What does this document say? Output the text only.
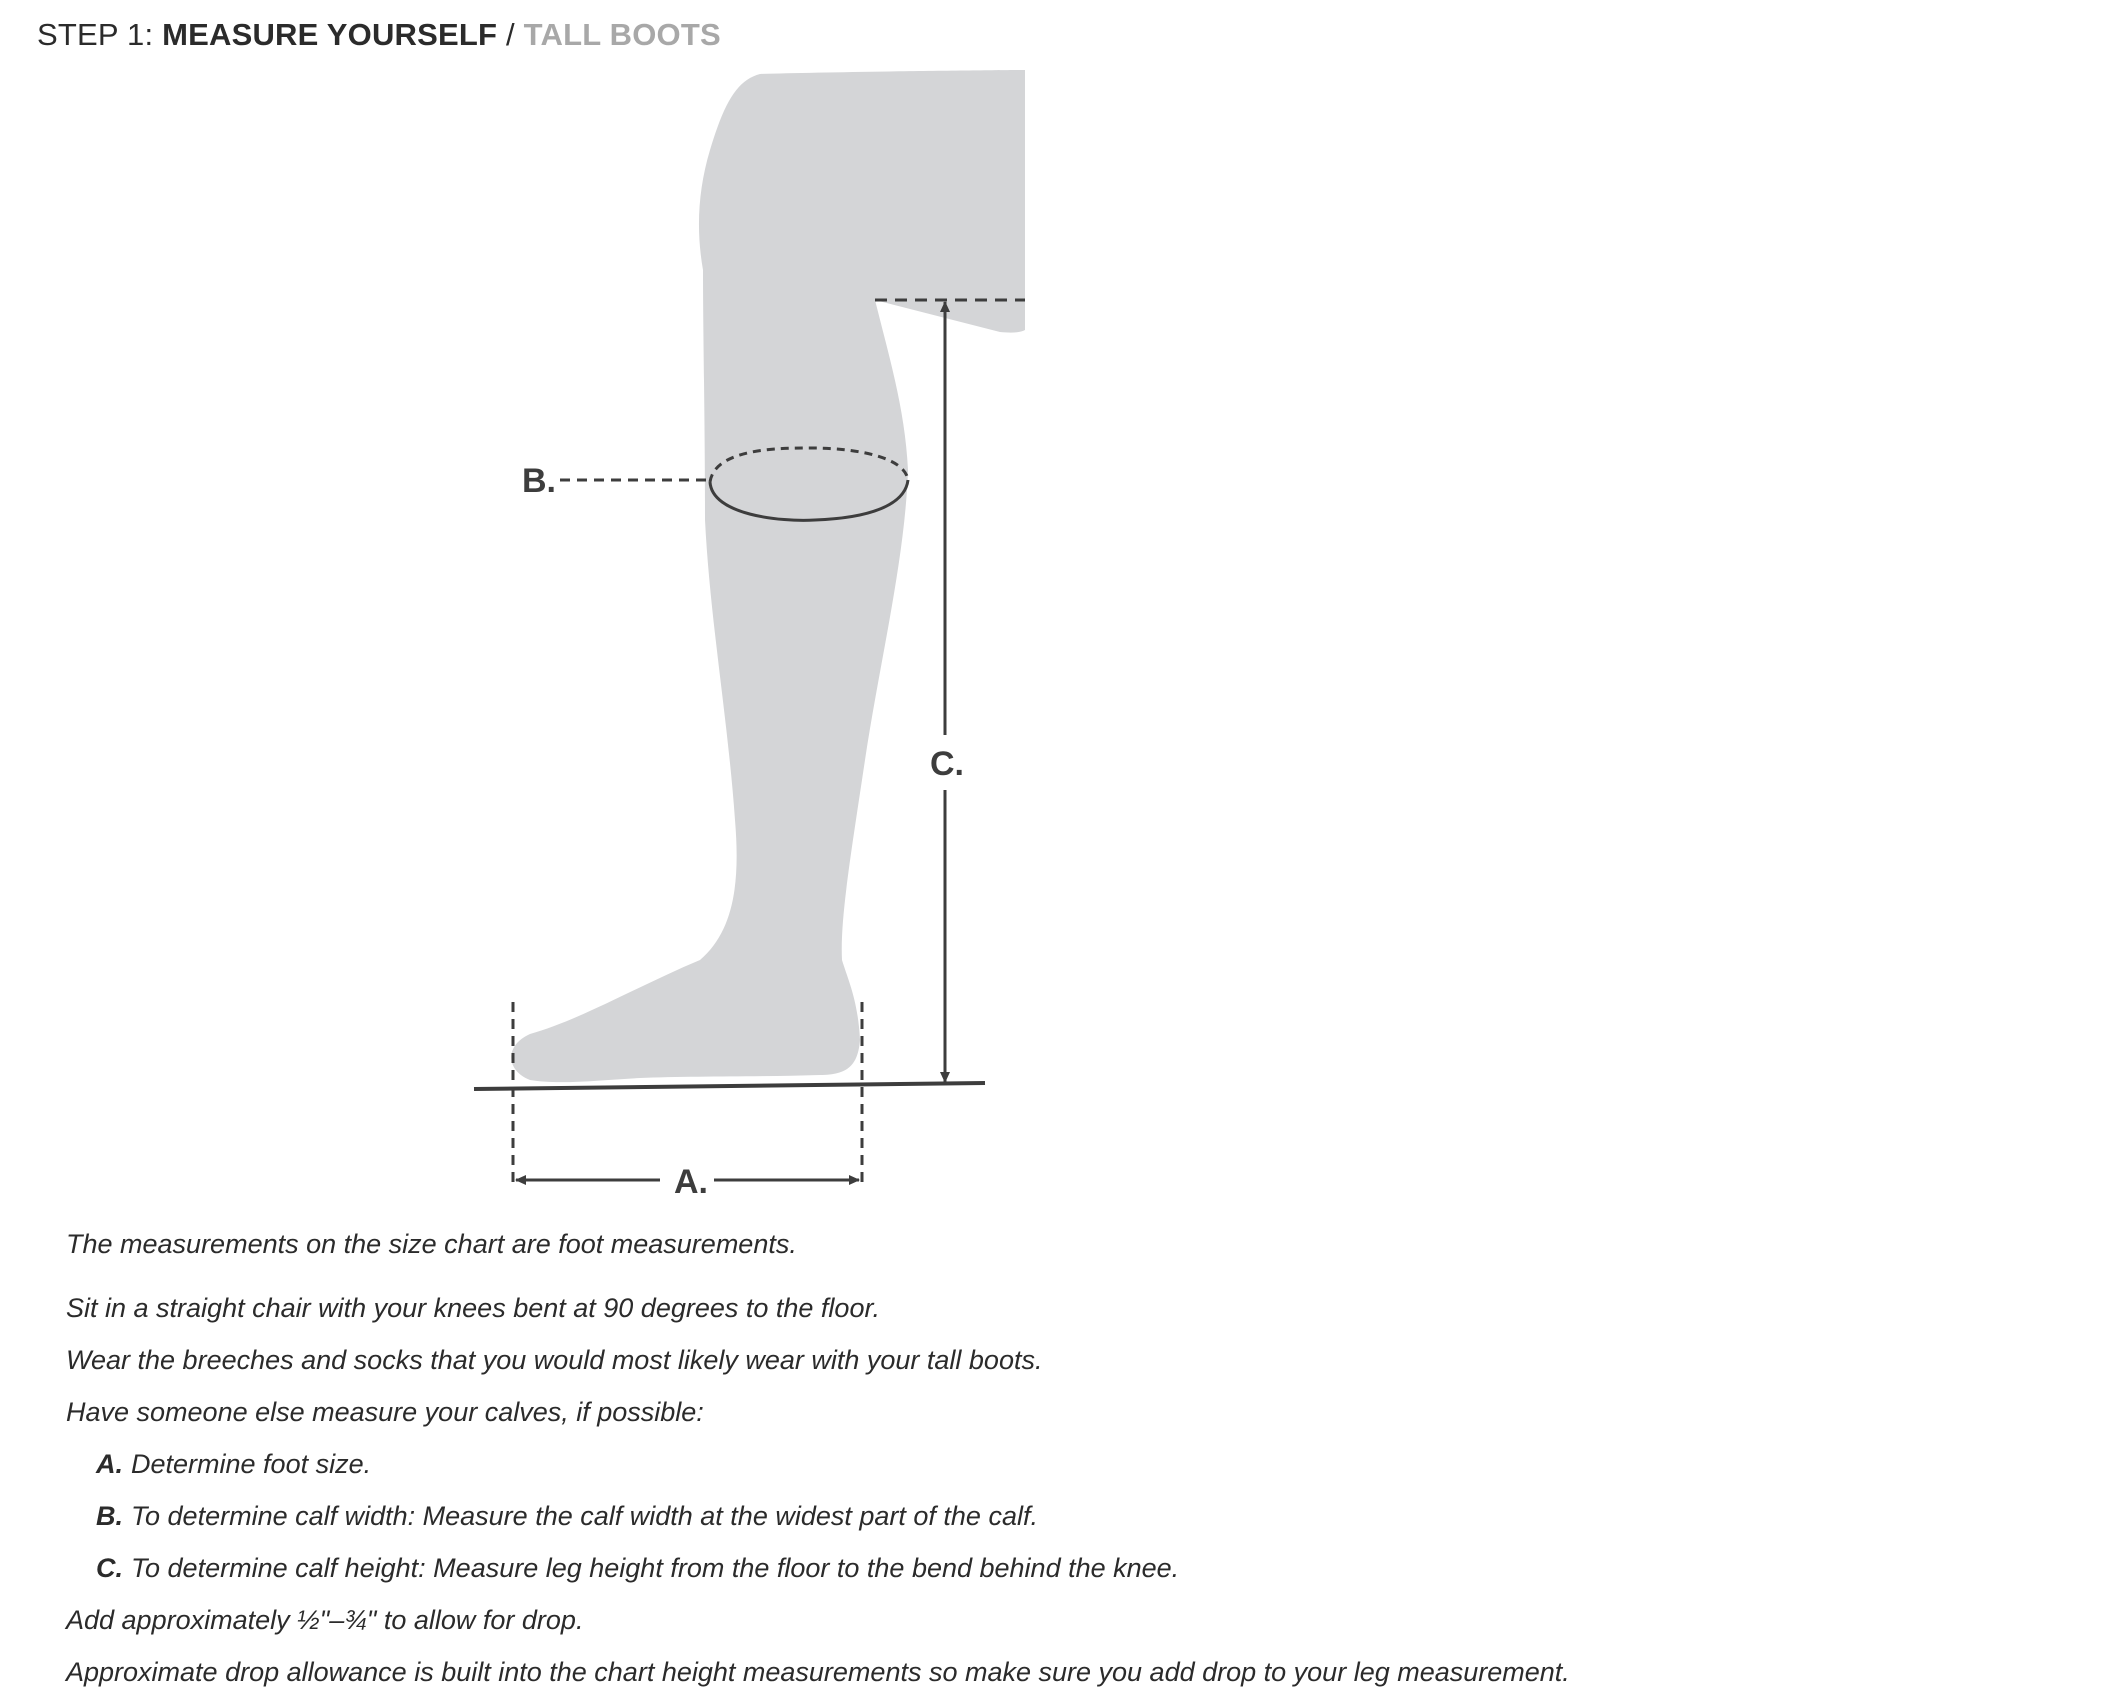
STEP 1: MEASURE YOURSELF / TALL BOOTS
B.
C.
A.
The measurements on the size chart are foot measurements.
Sit in a straight chair with your knees bent at 90 degrees to the floor.
Wear the breeches and socks that you would most likely wear with your tall boots.
Have someone else measure your calves, if possible:
A. Determine foot size.
B. To determine calf width: Measure the calf width at the widest part of the calf.
C. To determine calf height: Measure leg height from the floor to the bend behind the knee.
Add approximately ½"–¾" to allow for drop.
Approximate drop allowance is built into the chart height measurements so make sure you add drop to your leg measurement.
